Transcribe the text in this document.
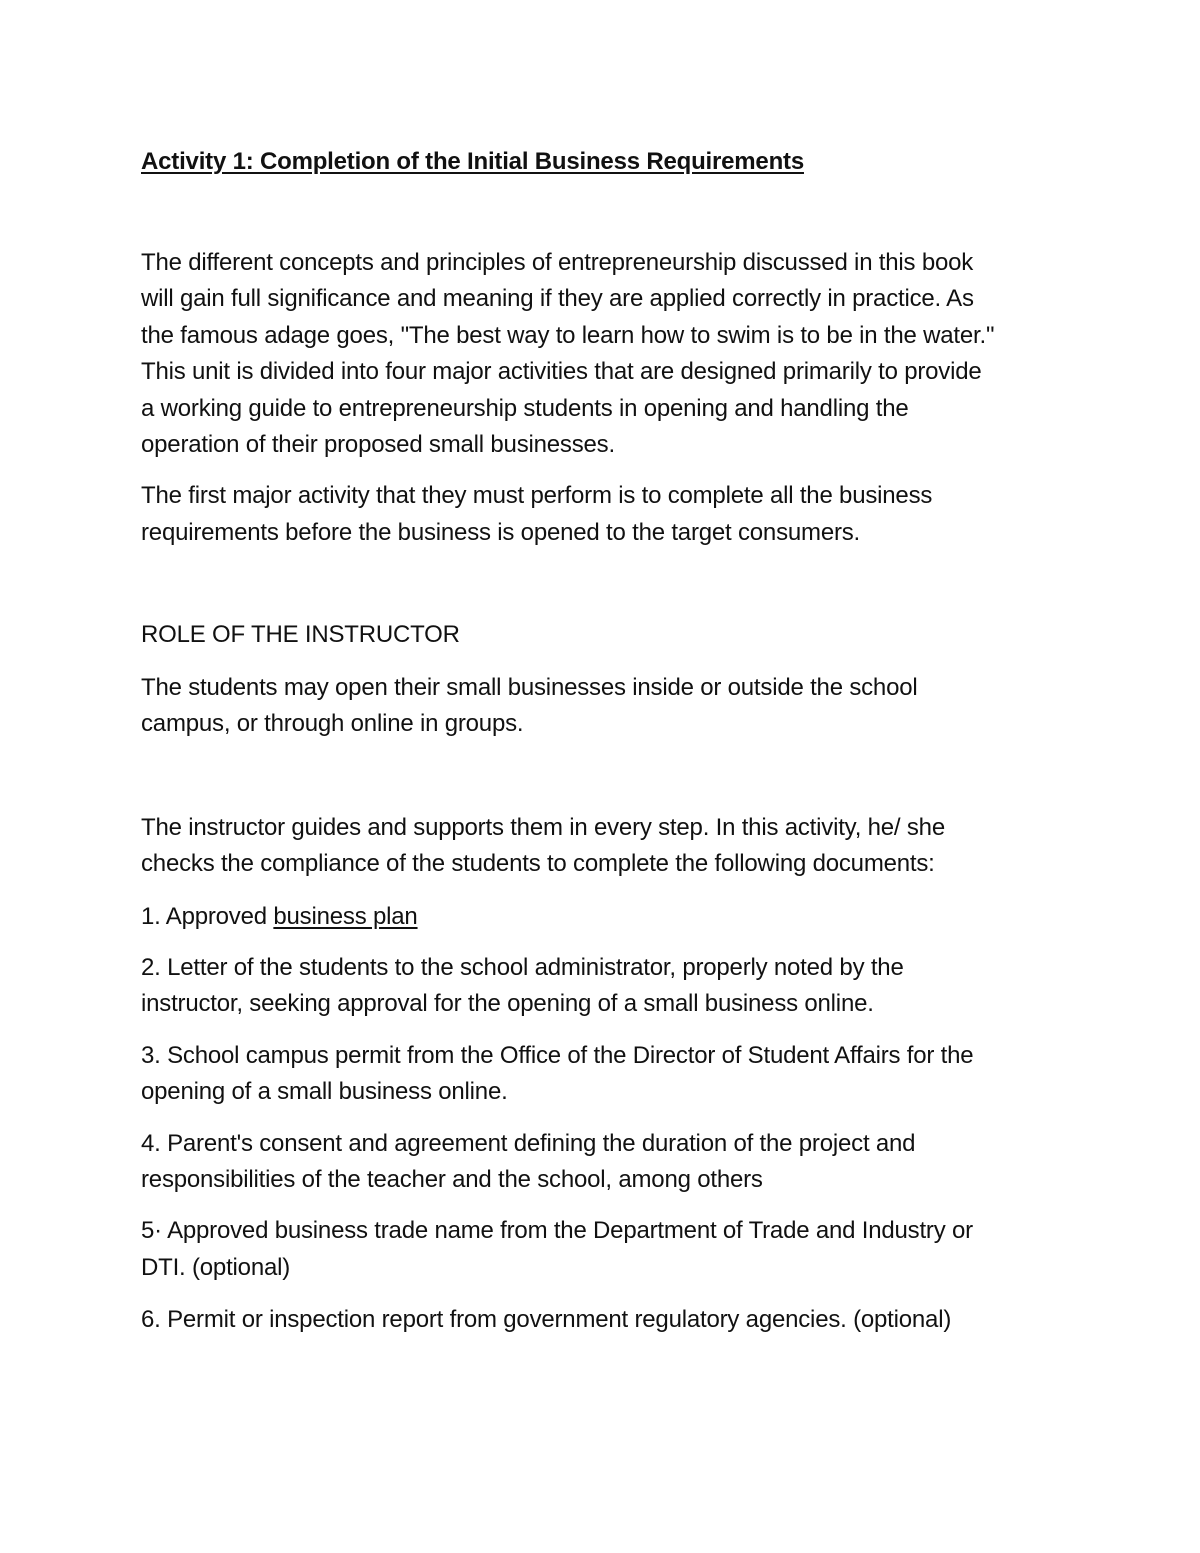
Activity 1: Completion of the Initial Business Requirements
The different concepts and principles of entrepreneurship discussed in this book
will gain full significance and meaning if they are applied correctly in practice. As
the famous adage goes, "The best way to learn how to swim is to be in the water."
This unit is divided into four major activities that are designed primarily to provide
a working guide to entrepreneurship students in opening and handling the
operation of their proposed small businesses.
The first major activity that they must perform is to complete all the business
requirements before the business is opened to the target consumers.
ROLE OF THE INSTRUCTOR
The students may open their small businesses inside or outside the school
campus, or through online in groups.
The instructor guides and supports them in every step. In this activity, he/ she
checks the compliance of the students to complete the following documents:
1. Approved business plan
2. Letter of the students to the school administrator, properly noted by the
instructor, seeking approval for the opening of a small business online.
3. School campus permit from the Office of the Director of Student Affairs for the
opening of a small business online.
4. Parent's consent and agreement defining the duration of the project and
responsibilities of the teacher and the school, among others
5· Approved business trade name from the Department of Trade and Industry or
DTI. (optional)
6. Permit or inspection report from government regulatory agencies. (optional)
